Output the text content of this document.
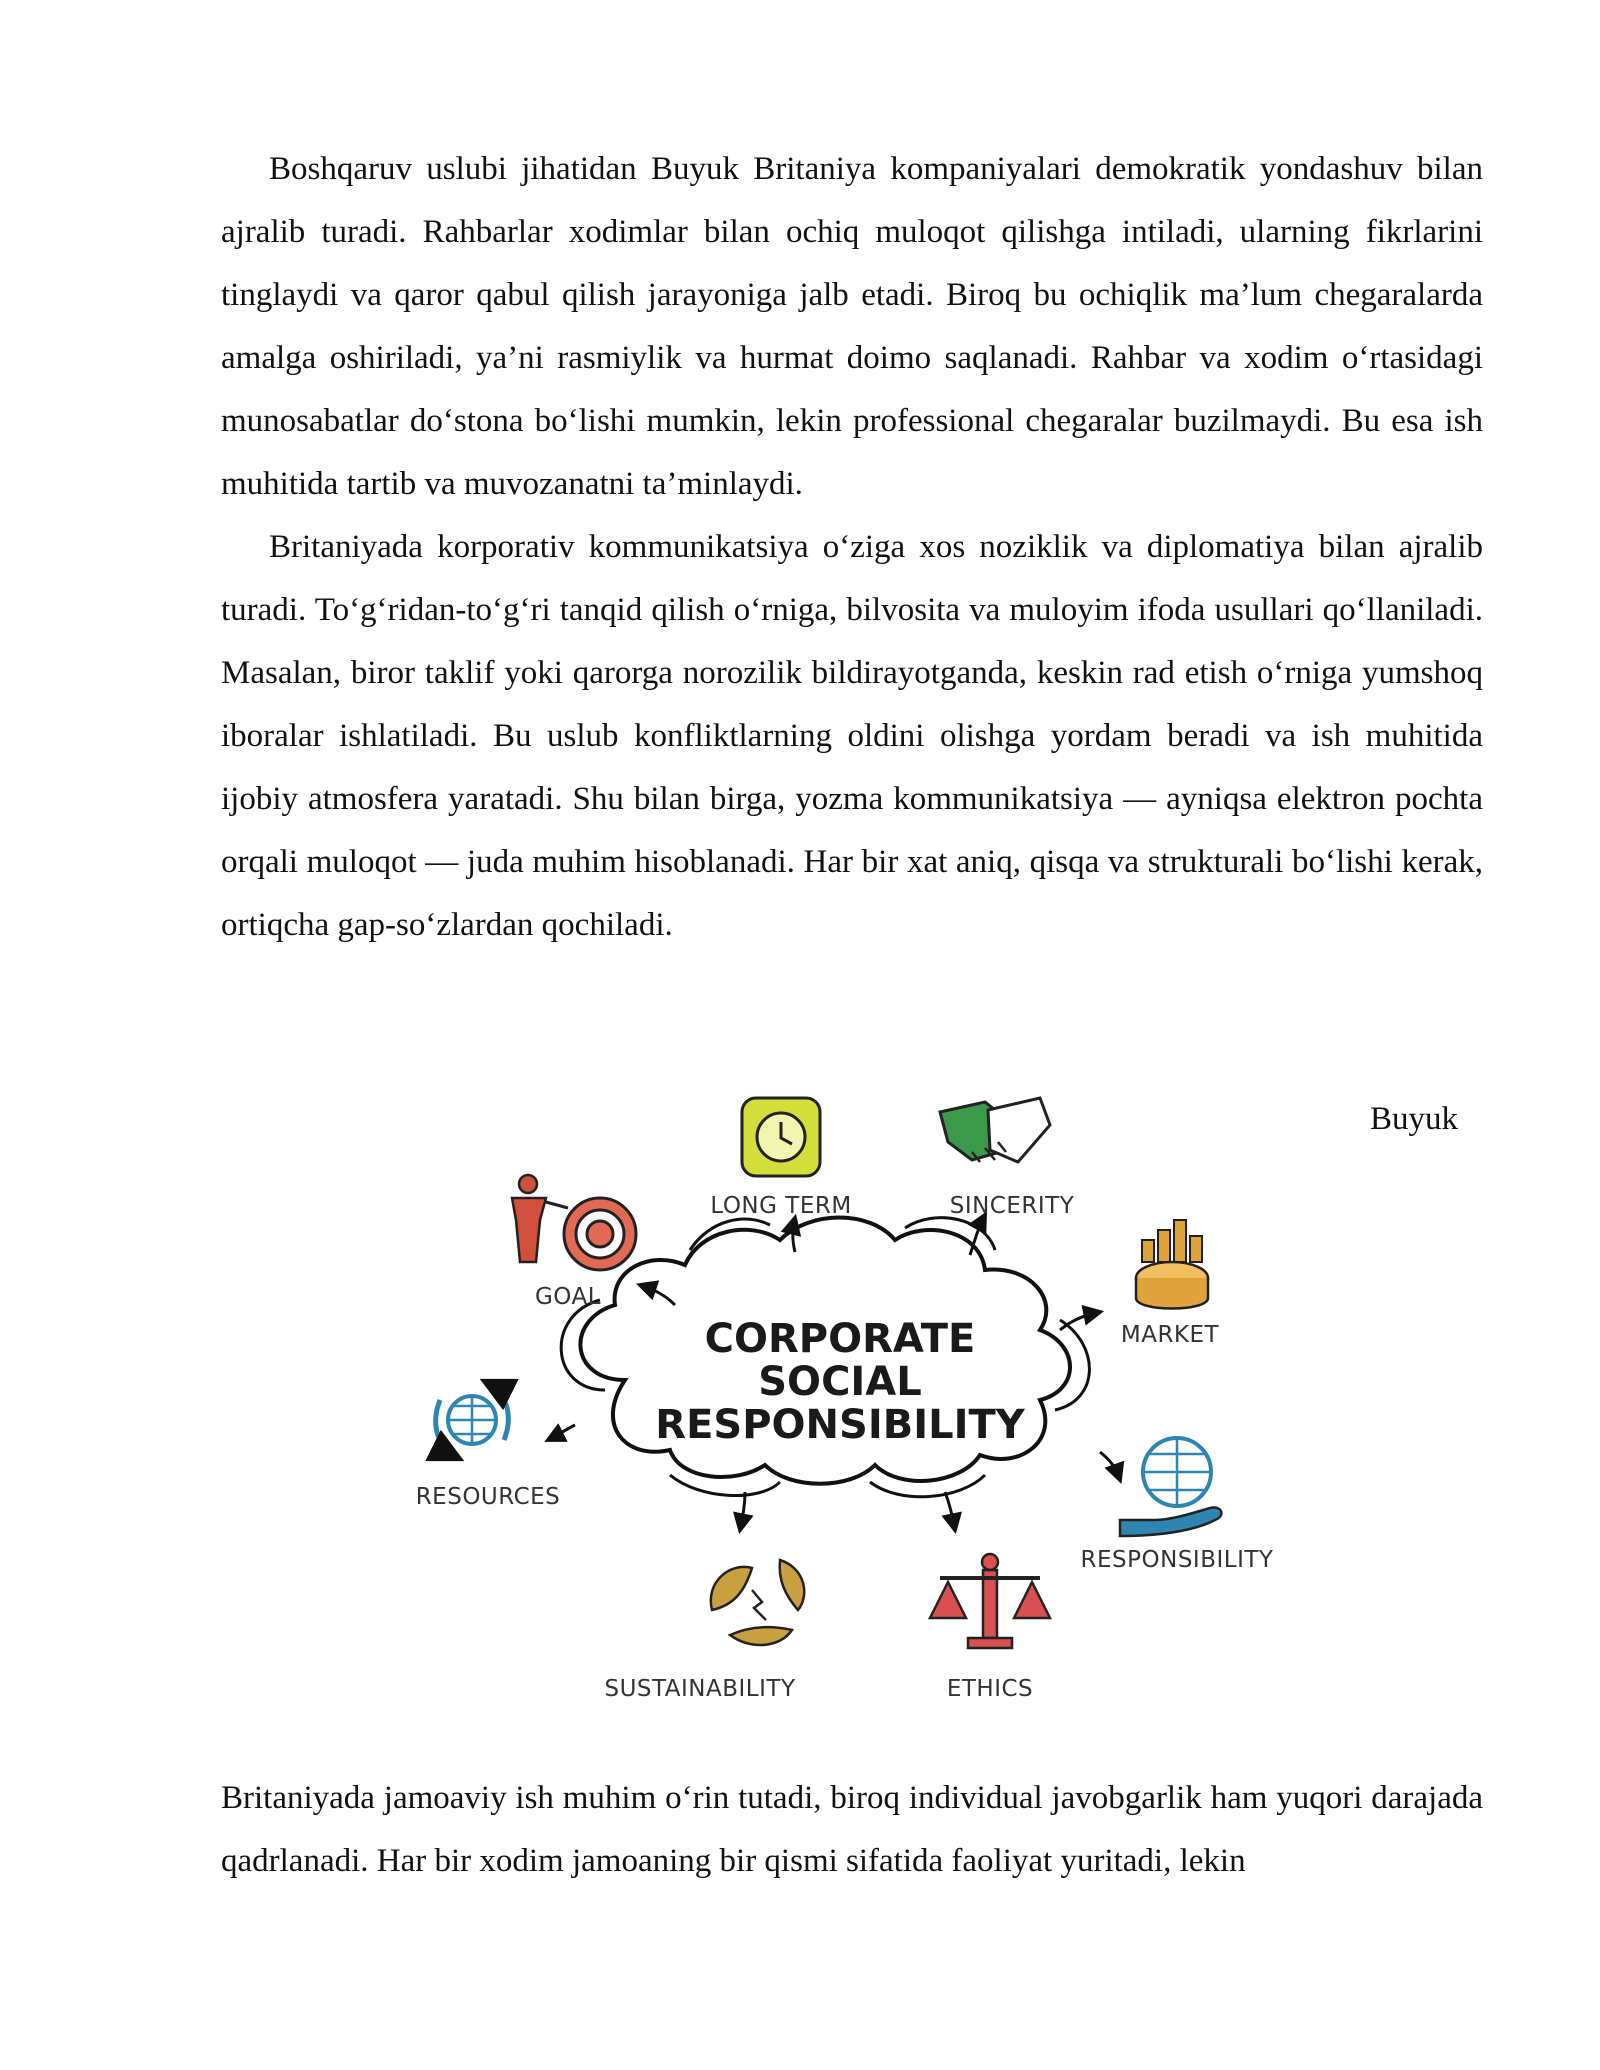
Boshqaruv uslubi jihatidan Buyuk Britaniya kompaniyalari demokratik yondashuv bilan ajralib turadi. Rahbarlar xodimlar bilan ochiq muloqot qilishga intiladi, ularning fikrlarini tinglaydi va qaror qabul qilish jarayoniga jalb etadi. Biroq bu ochiqlik ma’lum chegaralarda amalga oshiriladi, ya’ni rasmiylik va hurmat doimo saqlanadi. Rahbar va xodim o‘rtasidagi munosabatlar do‘stona bo‘lishi mumkin, lekin professional chegaralar buzilmaydi. Bu esa ish muhitida tartib va muvozanatni ta’minlaydi.

Britaniyada korporativ kommunikatsiya o‘ziga xos noziklik va diplomatiya bilan ajralib turadi. To‘g‘ridan-to‘g‘ri tanqid qilish o‘rniga, bilvosita va muloyim ifoda usullari qo‘llaniladi. Masalan, biror taklif yoki qarorga norozilik bildirayotganda, keskin rad etish o‘rniga yumshoq iboralar ishlatiladi. Bu uslub konfliktlarning oldini olishga yordam beradi va ish muhitida ijobiy atmosfera yaratadi. Shu bilan birga, yozma kommunikatsiya — ayniqsa elektron pochta orqali muloqot — juda muhim hisoblanadi. Har bir xat aniq, qisqa va strukturali bo‘lishi kerak, ortiqcha gap-so‘zlardan qochiladi.

Buyuk
CORPORATE
SOCIAL
RESPONSIBILITY
LONG TERM	SINCERITY
GOAL
MARKET
RESOURCES
RESPONSIBILITY
SUSTAINABILITY	ETHICS

Britaniyada jamoaviy ish muhim o‘rin tutadi, biroq individual javobgarlik ham yuqori darajada qadrlanadi. Har bir xodim jamoaning bir qismi sifatida faoliyat yuritadi, lekin
